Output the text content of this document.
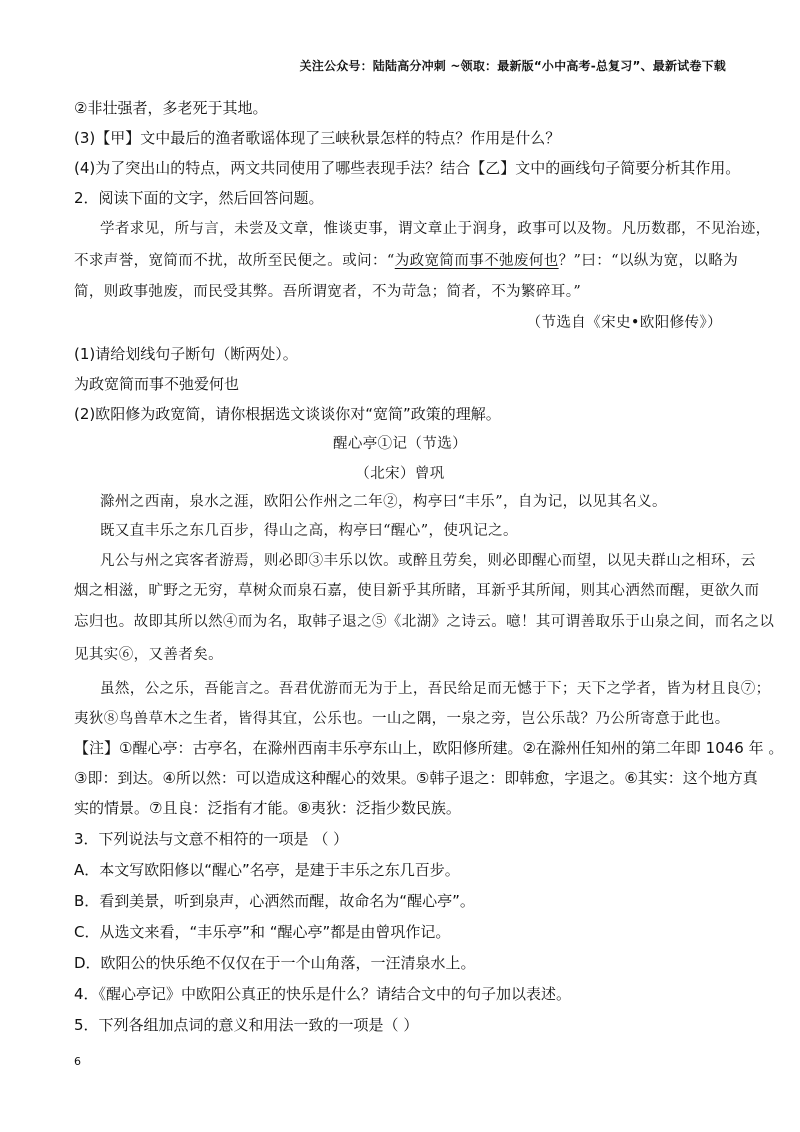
关注公众号：陆陆高分冲刺 ~领取：最新版“小中高考-总复习”、最新试卷下载
②非壮强者，多老死于其地。
(3)【甲】文中最后的渔者歌谣体现了三峡秋景怎样的特点？作用是什么？
(4)为了突出山的特点，两文共同使用了哪些表现手法？结合【乙】文中的画线句子简要分析其作用。
2．阅读下面的文字，然后回答问题。
学者求见，所与言，未尝及文章，惟谈吏事，谓文章止于润身，政事可以及物。凡历数郡，不见治迹，
不求声誉，宽简而不扰，故所至民便之。或问：“为政宽简而事不弛废何也？”曰：“以纵为宽，以略为
简，则政事弛废，而民受其弊。吾所谓宽者，不为苛急；简者，不为繁碎耳。”
（节选自《宋史•欧阳修传》）
(1)请给划线句子断句（断两处）。
为政宽简而事不弛爱何也
(2)欧阳修为政宽简，请你根据选文谈谈你对“宽简”政策的理解。
醒心亭①记（节选）
（北宋）曾巩
滁州之西南，泉水之涯，欧阳公作州之二年②，构亭曰“丰乐”，自为记，以见其名义。
既又直丰乐之东几百步，得山之高，构亭曰“醒心”，使巩记之。
凡公与州之宾客者游焉，则必即③丰乐以饮。或醉且劳矣，则必即醒心而望，以见夫群山之相环，云
烟之相滋，旷野之无穷，草树众而泉石嘉，使目新乎其所睹，耳新乎其所闻，则其心洒然而醒，更欲久而
忘归也。故即其所以然④而为名，取韩子退之⑤《北湖》之诗云。噫！其可谓善取乐于山泉之间，而名之以
见其实⑥，又善者矣。
虽然，公之乐，吾能言之。吾君优游而无为于上，吾民给足而无憾于下；天下之学者，皆为材且良⑦；
夷狄⑧鸟兽草木之生者，皆得其宜，公乐也。一山之隅，一泉之旁，岂公乐哉？乃公所寄意于此也。
【注】①醒心亭：古亭名，在滁州西南丰乐亭东山上，欧阳修所建。②在滁州任知州的第二年即 1046 年 。
③即：到达。④所以然：可以造成这种醒心的效果。⑤韩子退之：即韩愈，字退之。⑥其实：这个地方真
实的情景。⑦且良：泛指有才能。⑧夷狄：泛指少数民族。
3．下列说法与文意不相符的一项是 （ ）
A．本文写欧阳修以“醒心”名亭，是建于丰乐之东几百步。
B．看到美景，听到泉声，心洒然而醒，故命名为“醒心亭”。
C．从选文来看，“丰乐亭”和 “醒心亭”都是由曾巩作记。
D．欧阳公的快乐绝不仅仅在于一个山角落，一汪清泉水上。
4．《醒心亭记》中欧阳公真正的快乐是什么？请结合文中的句子加以表述。
5．下列各组加点词的意义和用法一致的一项是（ ）
6
